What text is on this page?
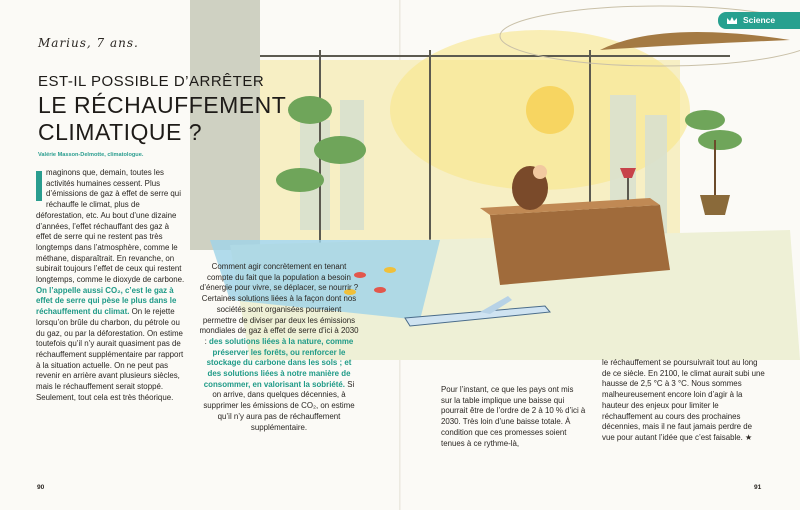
Science
Marius, 7 ans.
EST-IL POSSIBLE D’ARRÊTER
LE RÉCHAUFFEMENT
CLIMATIQUE ?
Valérie Masson-Delmotte, climatologue.

maginons que, demain, toutes les activités humaines cessent. Plus d’émissions de gaz à effet de serre qui réchauffe le climat, plus de déforestation, etc. Au bout d’une dizaine d’années, l’effet réchauffant des gaz à effet de serre qui ne restent pas très longtemps dans l’atmosphère, comme le méthane, disparaîtrait. En revanche, on subirait toujours l’effet de ceux qui restent longtemps, comme le dioxyde de carbone. On l’appelle aussi CO₂, c’est le gaz à effet de serre qui pèse le plus dans le réchauffement du climat. On le rejette lorsqu’on brûle du charbon, du pétrole ou du gaz, ou par la déforestation. On estime toutefois qu’il n’y aurait quasiment pas de réchauffement supplémentaire par rapport à la situation actuelle. On ne peut pas revenir en arrière avant plusieurs siècles, mais le réchauffement serait stoppé. Seulement, tout cela est très théorique.

Comment agir concrètement en tenant compte du fait que la population a besoin d’énergie pour vivre, se déplacer, se nourrir ? Certaines solutions liées à la façon dont nos sociétés sont organisées pourraient permettre de diviser par deux les émissions mondiales de gaz à effet de serre d’ici à 2030 : des solutions liées à la nature, comme préserver les forêts, ou renforcer le stockage du carbone dans les sols ; et des solutions liées à notre manière de consommer, en valorisant la sobriété. Si on arrive, dans quelques décennies, à supprimer les émissions de CO₂, on estime qu’il n’y aura pas de réchauffement supplémentaire.

Pour l’instant, ce que les pays ont mis sur la table implique une baisse qui pourrait être de l’ordre de 2 à 10 % d’ici à 2030. Très loin d’une baisse totale. À condition que ces promesses soient tenues à ce rythme-là,

le réchauffement se poursuivrait tout au long de ce siècle. En 2100, le climat aurait subi une hausse de 2,5 °C à 3 °C. Nous sommes malheureusement encore loin d’agir à la hauteur des enjeux pour limiter le réchauffement au cours des prochaines décennies, mais il ne faut jamais perdre de vue pour autant l’idée que c’est faisable. ★

90	91
